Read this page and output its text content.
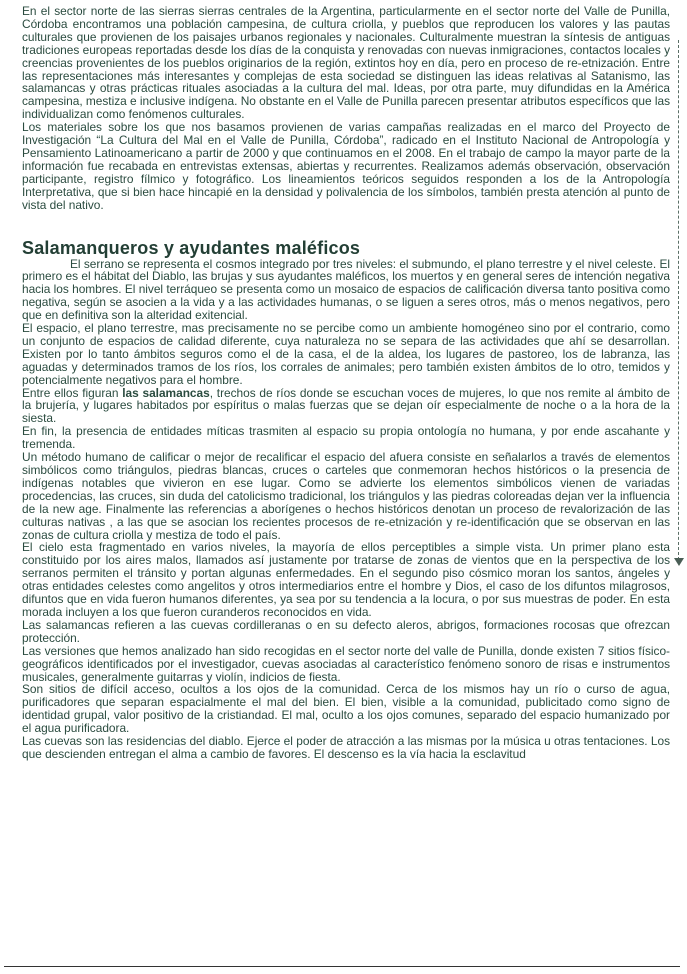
En el sector norte de las sierras sierras centrales de la Argentina, particularmente en el sector norte del Valle de Punilla, Córdoba encontramos una población campesina, de cultura criolla, y pueblos que reproducen los valores y las pautas culturales que provienen de los paisajes urbanos regionales y nacionales. Culturalmente muestran la síntesis de antiguas tradiciones europeas reportadas desde los días de la conquista y renovadas con nuevas inmigraciones, contactos locales y creencias provenientes de los pueblos originarios de la región, extintos hoy en día, pero en proceso de re-etnización. Entre las representaciones más interesantes y complejas de esta sociedad se distinguen las ideas relativas al Satanismo, las salamancas y otras prácticas rituales asociadas a la cultura del mal. Ideas, por otra parte, muy difundidas en la América campesina, mestiza e inclusive indígena. No obstante en el Valle de Punilla parecen presentar atributos específicos que las individualizan como fenómenos culturales.

Los materiales sobre los que nos basamos provienen de varias campañas realizadas en el marco del Proyecto de Investigación “La Cultura del Mal en el Valle de Punilla, Córdoba”, radicado en el Instituto Nacional de Antropología y Pensamiento Latinoamericano a partir de 2000 y que continuamos en el 2008. En el trabajo de campo la mayor parte de la información fue recabada en entrevistas extensas, abiertas y recurrentes. Realizamos además observación, observación participante, registro fílmico y fotográfico. Los lineamientos teóricos seguidos responden a los de la Antropología Interpretativa, que si bien hace hincapié en la densidad y polivalencia de los símbolos, también presta atención al punto de vista del nativo.

Salamanqueros y ayudantes maléficos

El serrano se representa el cosmos integrado por tres niveles: el submundo, el plano terrestre y el nivel celeste. El primero es el hábitat del Diablo, las brujas y sus ayudantes maléficos, los muertos y en general seres de intención negativa hacia los hombres. El nivel terráqueo se presenta como un mosaico de espacios de calificación diversa tanto positiva como negativa, según se asocien a la vida y a las actividades humanas, o se liguen a seres otros, más o menos negativos, pero que en definitiva son la alteridad exitencial.

El espacio, el plano terrestre, mas precisamente no se percibe como un ambiente homogéneo sino por el contrario, como un conjunto de espacios de calidad diferente, cuya naturaleza no se separa de las actividades que ahí se desarrollan. Existen por lo tanto ámbitos seguros como el de la casa, el de la aldea, los lugares de pastoreo, los de labranza, las aguadas y determinados tramos de los ríos, los corrales de animales; pero también existen ámbitos de lo otro, temidos y potencialmente negativos para el hombre.

Entre ellos figuran las salamancas, trechos de ríos donde se escuchan voces de mujeres, lo que nos remite al ámbito de la brujería, y lugares habitados por espíritus o malas fuerzas que se dejan oír especialmente de noche o a la hora de la siesta.

En fin, la presencia de entidades míticas trasmiten al espacio su propia ontología no humana, y por ende ascahante y tremenda.

Un método humano de calificar o mejor de recalificar el espacio del afuera consiste en señalarlos a través de elementos simbólicos como triángulos, piedras blancas, cruces o carteles que conmemoran hechos históricos o la presencia de indígenas notables que vivieron en ese lugar. Como se advierte los elementos simbólicos vienen de variadas procedencias, las cruces, sin duda del catolicismo tradicional, los triángulos y las piedras coloreadas dejan ver la influencia de la new age. Finalmente las referencias a aborígenes o hechos históricos denotan un proceso de revalorización de las culturas nativas , a las que se asocian los recientes procesos de re-etnización y re-identificación que se observan en las zonas de cultura criolla y mestiza de todo el país.

El cielo esta fragmentado en varios niveles, la mayoría de ellos perceptibles a simple vista. Un primer plano esta constituido por los aires malos, llamados así justamente por tratarse de zonas de vientos que en la perspectiva de los serranos permiten el tránsito y portan algunas enfermedades. En el segundo piso cósmico moran los santos, ángeles y otras entidades celestes como angelitos y otros intermediarios entre el hombre y Dios, el caso de los difuntos milagrosos, difuntos que en vida fueron humanos diferentes, ya sea por su tendencia a la locura, o por sus muestras de poder. En esta morada incluyen a los que fueron curanderos reconocidos en vida.

Las salamancas refieren a las cuevas cordilleranas o en su defecto aleros, abrigos, formaciones rocosas que ofrezcan protección.

Las versiones que hemos analizado han sido recogidas en el sector norte del valle de Punilla, donde existen 7 sitios físico-geográficos identificados por el investigador, cuevas asociadas al característico fenómeno sonoro de risas e instrumentos musicales, generalmente guitarras y violín, indicios de fiesta.

Son sitios de difícil acceso, ocultos a los ojos de la comunidad. Cerca de los mismos hay un río o curso de agua, purificadores que separan espacialmente el mal del bien. El bien, visible a la comunidad, publicitado como signo de identidad grupal, valor positivo de la cristiandad. El mal, oculto a los ojos comunes, separado del espacio humanizado por el agua purificadora.

Las cuevas son las residencias del diablo. Ejerce el poder de atracción a las mismas por la música u otras tentaciones. Los que descienden entregan el alma a cambio de favores. El descenso es la vía hacia la esclavitud
